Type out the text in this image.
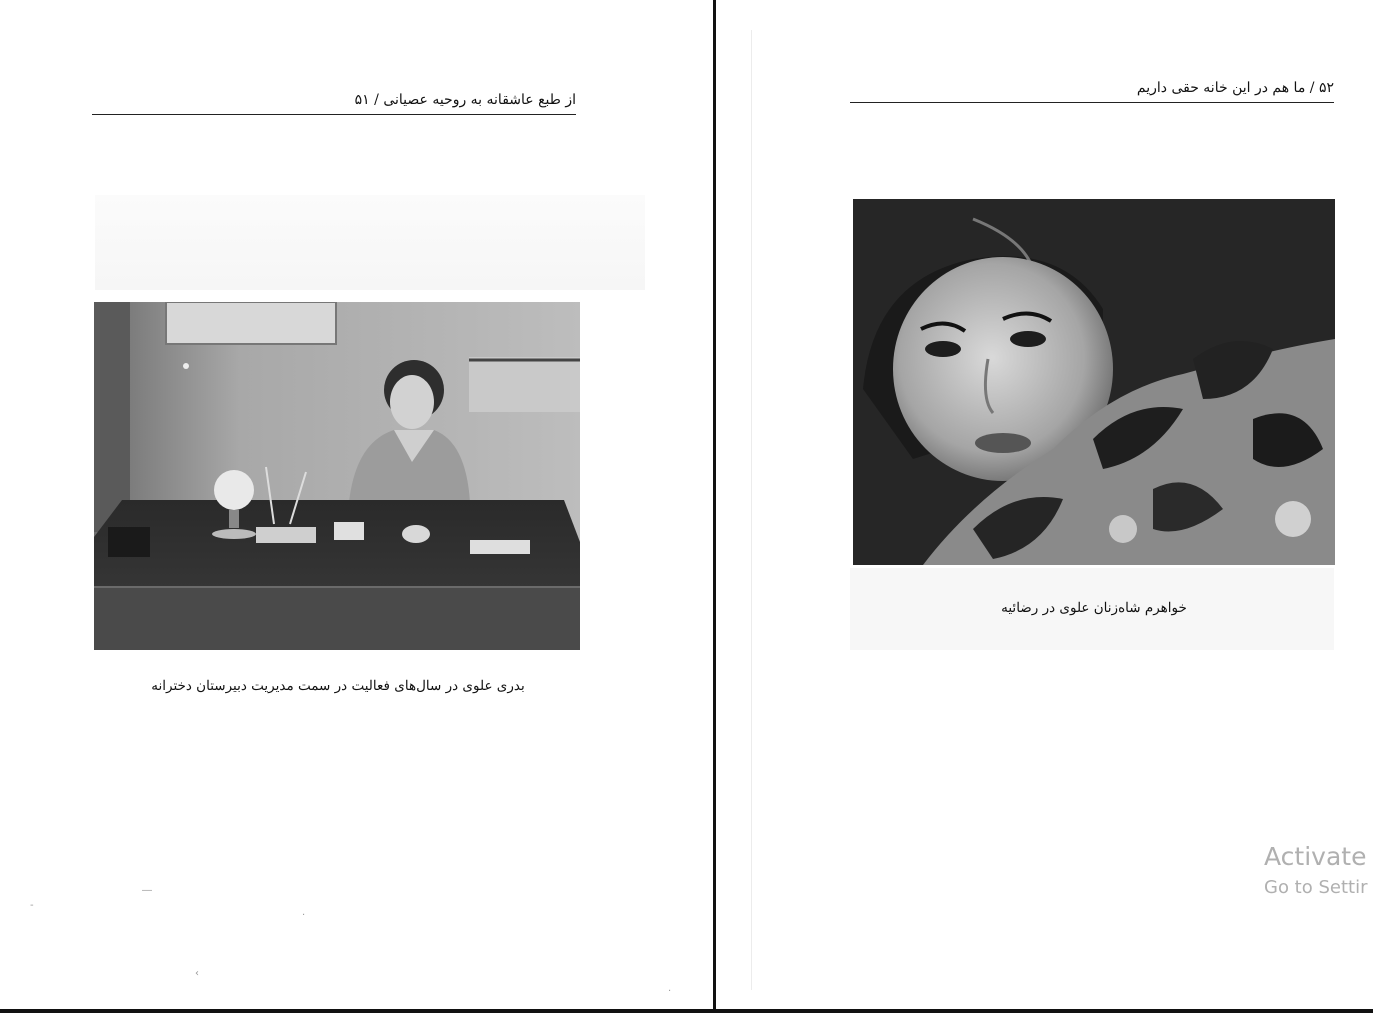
از طبع عاشقانه به روحیه عصیانی / ۵۱
بدری علوی در سال‌های فعالیت در سمت مدیریت دبیرستان دخترانه
―
-
‹
·
·
۵۲ / ما هم در این خانه حقی داریم
خواهرم شاه‌زنان علوی در رضائیه
Activate
Go to Settir
